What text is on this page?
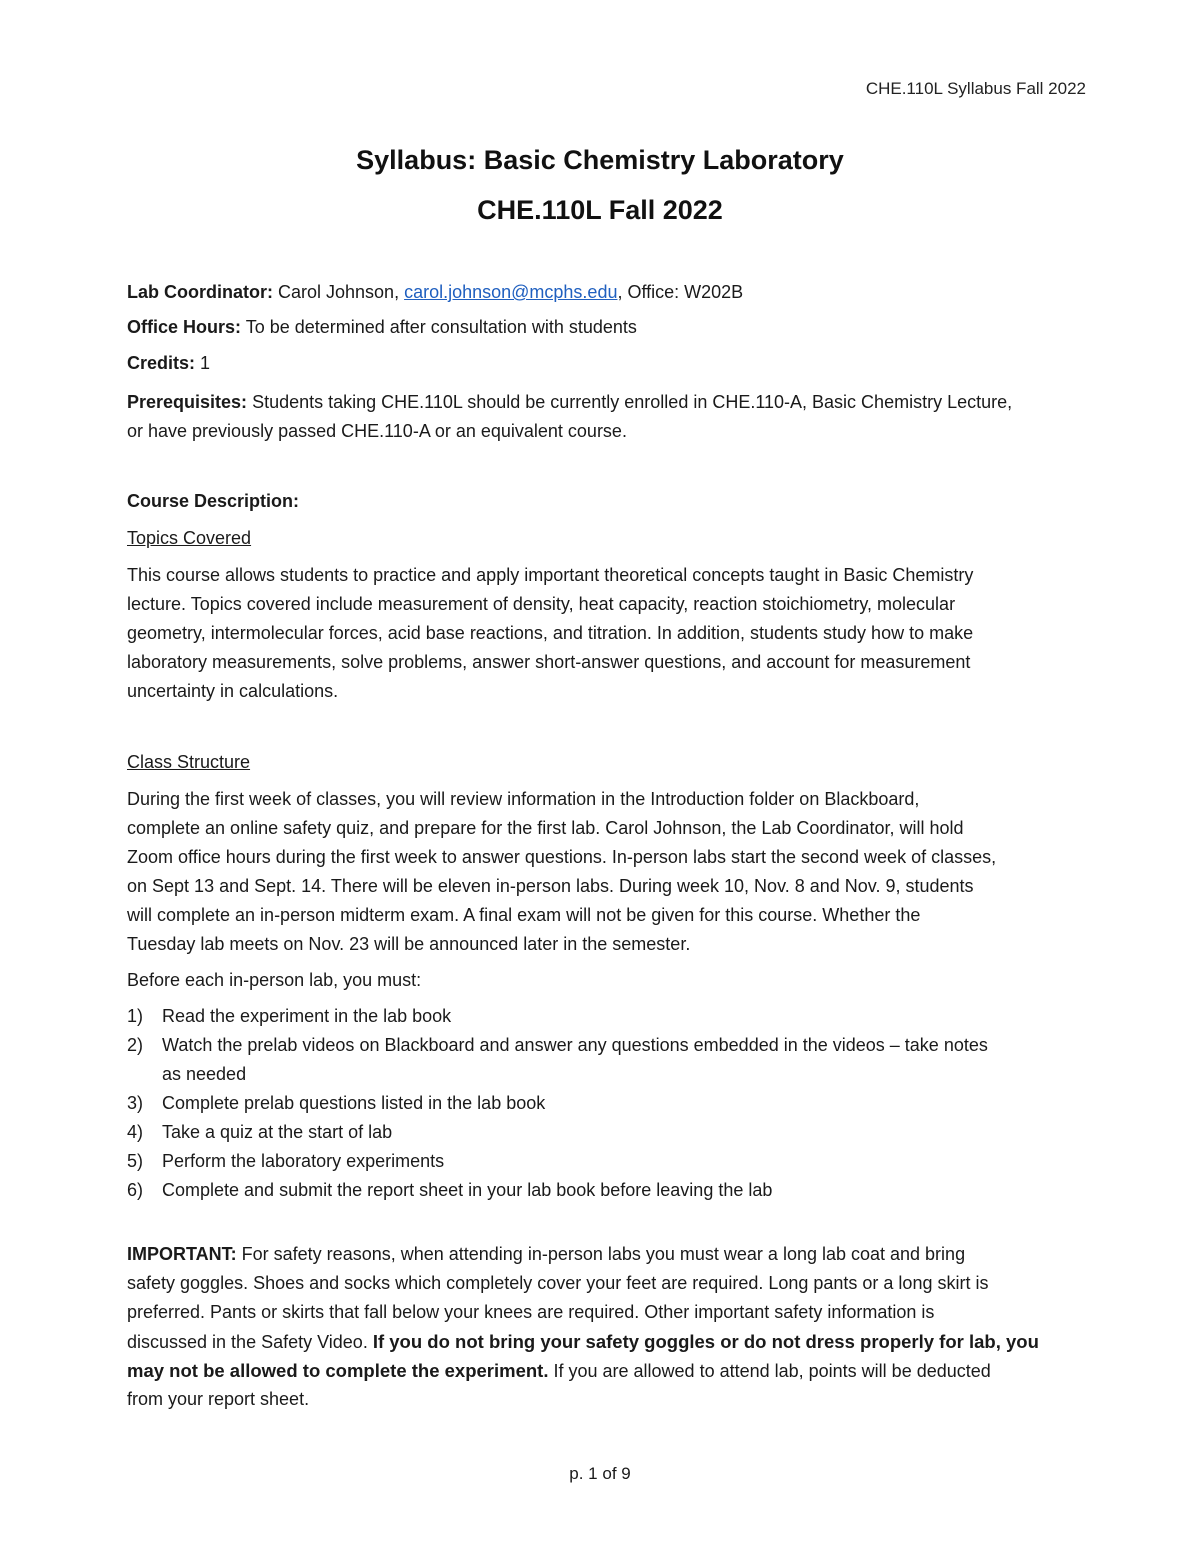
CHE.110L Syllabus Fall 2022
Syllabus: Basic Chemistry Laboratory
CHE.110L Fall 2022
Lab Coordinator: Carol Johnson, carol.johnson@mcphs.edu, Office: W202B
Office Hours: To be determined after consultation with students
Credits: 1
Prerequisites: Students taking CHE.110L should be currently enrolled in CHE.110-A, Basic Chemistry Lecture,
or have previously passed CHE.110-A or an equivalent course.
Course Description:
Topics Covered
This course allows students to practice and apply important theoretical concepts taught in Basic Chemistry
lecture. Topics covered include measurement of density, heat capacity, reaction stoichiometry, molecular
geometry, intermolecular forces, acid base reactions, and titration. In addition, students study how to make
laboratory measurements, solve problems, answer short-answer questions, and account for measurement
uncertainty in calculations.
Class Structure
During the first week of classes, you will review information in the Introduction folder on Blackboard,
complete an online safety quiz, and prepare for the first lab. Carol Johnson, the Lab Coordinator, will hold
Zoom office hours during the first week to answer questions. In-person labs start the second week of classes,
on Sept 13 and Sept. 14. There will be eleven in-person labs. During week 10, Nov. 8 and Nov. 9, students
will complete an in-person midterm exam. A final exam will not be given for this course. Whether the
Tuesday lab meets on Nov. 23 will be announced later in the semester.
Before each in-person lab, you must:
1) Read the experiment in the lab book
2) Watch the prelab videos on Blackboard and answer any questions embedded in the videos – take notes
as needed
3) Complete prelab questions listed in the lab book
4) Take a quiz at the start of lab
5) Perform the laboratory experiments
6) Complete and submit the report sheet in your lab book before leaving the lab
IMPORTANT: For safety reasons, when attending in-person labs you must wear a long lab coat and bring
safety goggles. Shoes and socks which completely cover your feet are required. Long pants or a long skirt is
preferred. Pants or skirts that fall below your knees are required. Other important safety information is
discussed in the Safety Video. If you do not bring your safety goggles or do not dress properly for lab, you
may not be allowed to complete the experiment. If you are allowed to attend lab, points will be deducted
from your report sheet.
p. 1 of 9
